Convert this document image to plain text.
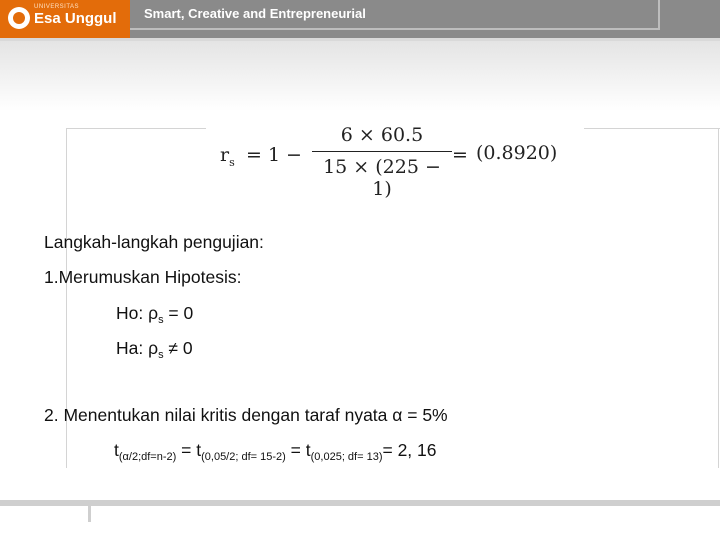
UNIVERSITAS
Esa Unggul Smart, Creative and Entrepreneurial
$r_s = 1$ −
6 × 60.5
15 × (225 − 1)
= (0.8920)
Langkah-langkah pengujian:
1.Merumuskan Hipotesis:
Ho: $\rho_s = 0$
Ha: $\rho_s \ne 0$
2. Menentukan nilai kritis dengan taraf nyata α = 5%
$t_{(\alpha/2;df=n-2)} = t_{(0,05/2; df= 15-2)} = t_{(0,025; df= 13)}= 2$, 16
